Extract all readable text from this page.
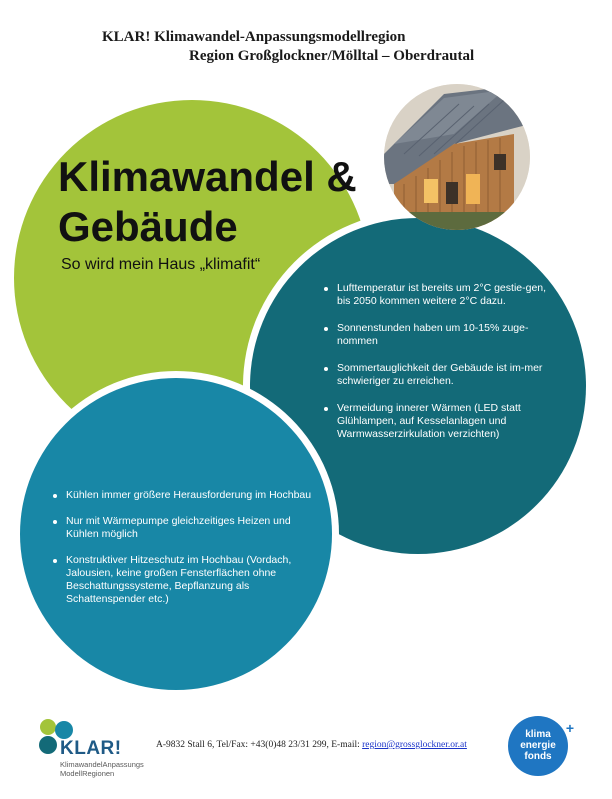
KLAR! Klimawandel-Anpassungsmodellregion
Region Großglockner/Mölltal – Oberdrautal
Klimawandel &
Gebäude

So wird mein Haus „klimafit“

Lufttemperatur ist bereits um 2°C gestie-gen, bis 2050 kommen weitere 2°C dazu.
Sonnenstunden haben um 10-15% zuge-nommen
Sommertauglichkeit der Gebäude ist im-mer schwieriger zu erreichen.
Vermeidung innerer Wärmen (LED statt Glühlampen, auf Kesselanlagen und Warmwasserzirkulation verzichten)
Kühlen immer größere Herausforderung im Hochbau
Nur mit Wärmepumpe gleichzeitiges Heizen und Kühlen möglich
Konstruktiver Hitzeschutz im Hochbau (Vordach, Jalousien, keine großen Fensterflächen ohne Beschattungssysteme, Bepflanzung als Schattenspender etc.)
KLAR!
KlimawandelAnpassungs
ModellRegionen
A-9832 Stall 6, Tel/Fax: +43(0)48 23/31 299, E-mail: region@grossglockner.or.at
klima
energie
fonds
+
